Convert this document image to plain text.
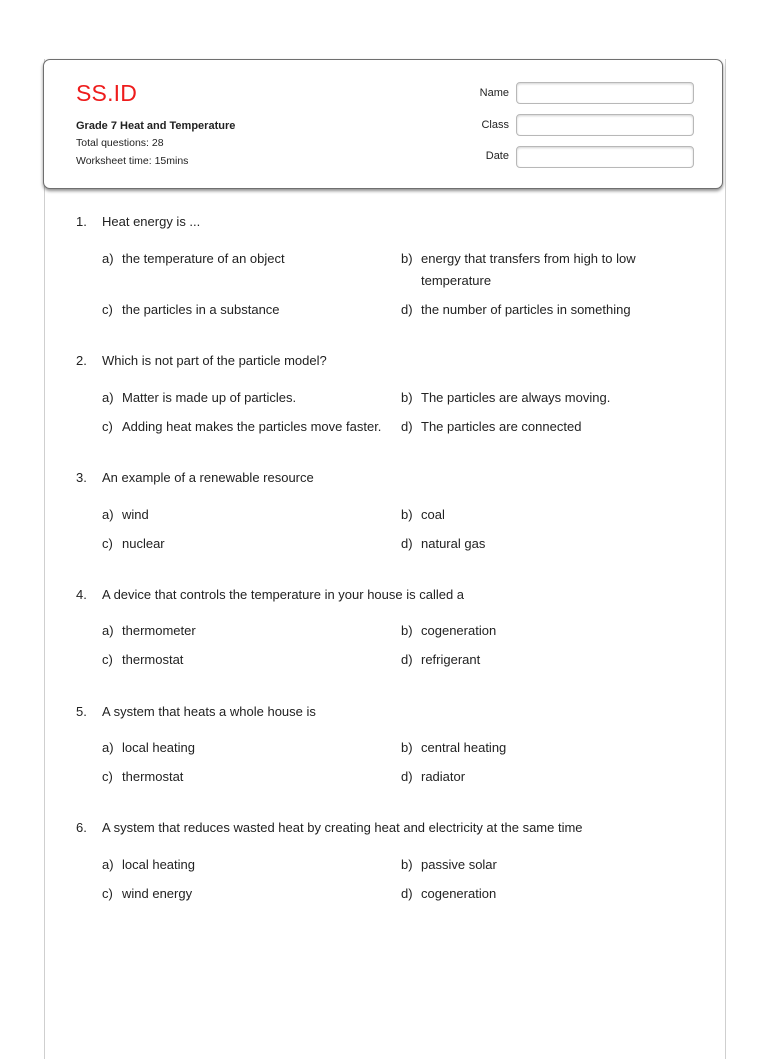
SS.ID
Grade 7 Heat and Temperature
Total questions: 28
Worksheet time: 15mins
Name
Class
Date
1. Heat energy is ...
a) the temperature of an object	b) energy that transfers from high to low temperature
c) the particles in a substance	d) the number of particles in something
2. Which is not part of the particle model?
a) Matter is made up of particles.	b) The particles are always moving.
c) Adding heat makes the particles move faster.	d) The particles are connected
3. An example of a renewable resource
a) wind	b) coal
c) nuclear	d) natural gas
4. A device that controls the temperature in your house is called a
a) thermometer	b) cogeneration
c) thermostat	d) refrigerant
5. A system that heats a whole house is
a) local heating	b) central heating
c) thermostat	d) radiator
6. A system that reduces wasted heat by creating heat and electricity at the same time
a) local heating	b) passive solar
c) wind energy	d) cogeneration
